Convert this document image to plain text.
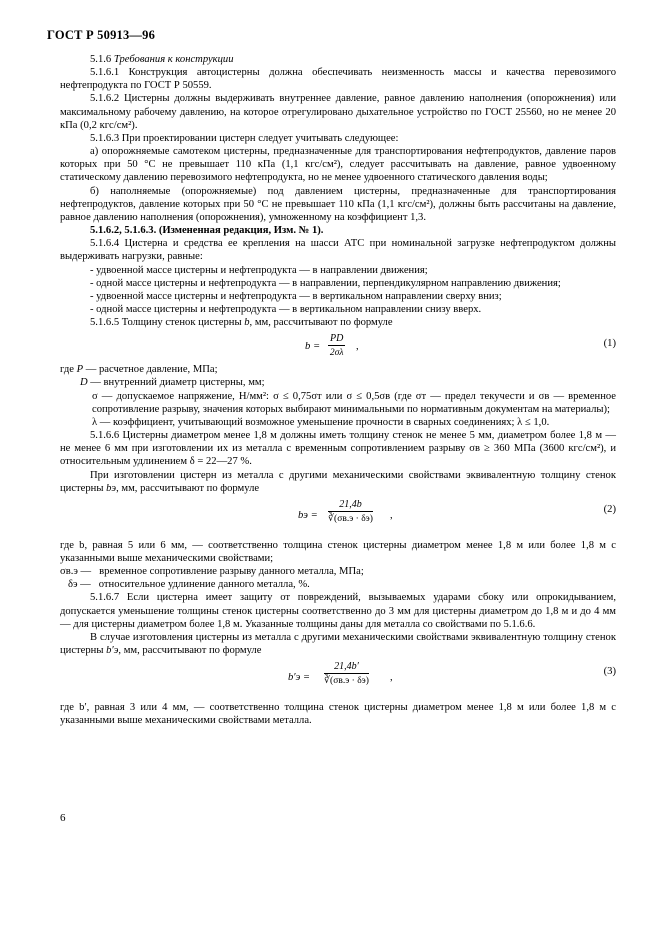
ГОСТ Р 50913—96

5.1.6 Требования к конструкции

5.1.6.1 Конструкция автоцистерны должна обеспечивать неизменность массы и качества перевозимого нефтепродукта по ГОСТ Р 50559.

5.1.6.2 Цистерны должны выдерживать внутреннее давление, равное давлению наполнения (опорожнения) или максимальному рабочему давлению, на которое отрегулировано дыхательное устройство по ГОСТ 25560, но не менее 20 кПа (0,2 кгс/см²).

5.1.6.3 При проектировании цистерн следует учитывать следующее:

а) опорожняемые самотеком цистерны, предназначенные для транспортирования нефтепродуктов, давление паров которых при 50 °С не превышает 110 кПа (1,1 кгс/см²), следует рассчитывать на давление, равное удвоенному статическому давлению перевозимого нефтепродукта, но не менее удвоенного статического давления воды;

б) наполняемые (опорожняемые) под давлением цистерны, предназначенные для транспортирования нефтепродуктов, давление которых при 50 °С не превышает 110 кПа (1,1 кгс/см²), должны быть рассчитаны на давление, равное давлению наполнения (опорожнения), умноженному на коэффициент 1,3.

5.1.6.2, 5.1.6.3. (Измененная редакция, Изм. № 1).

5.1.6.4 Цистерна и средства ее крепления на шасси АТС при номинальной загрузке нефтепродуктом должны выдерживать нагрузки, равные:

- удвоенной массе цистерны и нефтепродукта — в направлении движения;

- одной массе цистерны и нефтепродукта — в направлении, перпендикулярном направлению движения;

- удвоенной массе цистерны и нефтепродукта — в вертикальном направлении сверху вниз;

- одной массе цистерны и нефтепродукта — в вертикальном направлении снизу вверх.

5.1.6.5 Толщину стенок цистерны b, мм, рассчитывают по формуле

$b = \frac{PD}{2\sigma\lambda}$ ,	(1)

где P — расчетное давление, МПа;

D — внутренний диаметр цистерны, мм;

σ — допускаемое напряжение, Н/мм²: σ ≤ 0,75σт или σ ≤ 0,5σв (где σт — предел текучести и σв — временное сопротивление разрыву, значения которых выбирают минимальными по нормативным документам на материалы);

λ — коэффициент, учитывающий возможное уменьшение прочности в сварных соединениях; λ ≤ 1,0.

5.1.6.6 Цистерны диаметром менее 1,8 м должны иметь толщину стенок не менее 5 мм, диаметром более 1,8 м — не менее 6 мм при изготовлении их из металла с временным сопротивлением разрыву σв ≥ 360 МПа (3600 кгс/см²), и относительным удлинением δ = 22—27 %.

При изготовлении цистерн из металла с другими механическими свойствами эквивалентную толщину стенок цистерны bэ, мм, рассчитывают по формуле

bэ =
21,4b
∛(σв.э · δэ) ,
(2)

где b, равная 5 или 6 мм, — соответственно толщина стенок цистерны диаметром менее 1,8 м или более 1,8 м с указанными выше механическими свойствами;

σв.э — временное сопротивление разрыву данного металла, МПа;

δэ — относительное удлинение данного металла, %.

5.1.6.7 Если цистерна имеет защиту от повреждений, вызываемых ударами сбоку или опрокидыванием, допускается уменьшение толщины стенок цистерны соответственно до 3 мм для цистерны диаметром до 1,8 м и до 4 мм — для цистерны диаметром более 1,8 м. Указанные толщины даны для металла со свойствами по 5.1.6.6.

В случае изготовления цистерны из металла с другими механическими свойствами эквивалентную толщину стенок цистерны b′э, мм, рассчитывают по формуле

b′э =
21,4b′
∛(σв.э · δэ) ,
(3)

где b′, равная 3 или 4 мм, — соответственно толщина стенок цистерны диаметром менее 1,8 м или более 1,8 м с указанными выше механическими свойствами металла.

6
